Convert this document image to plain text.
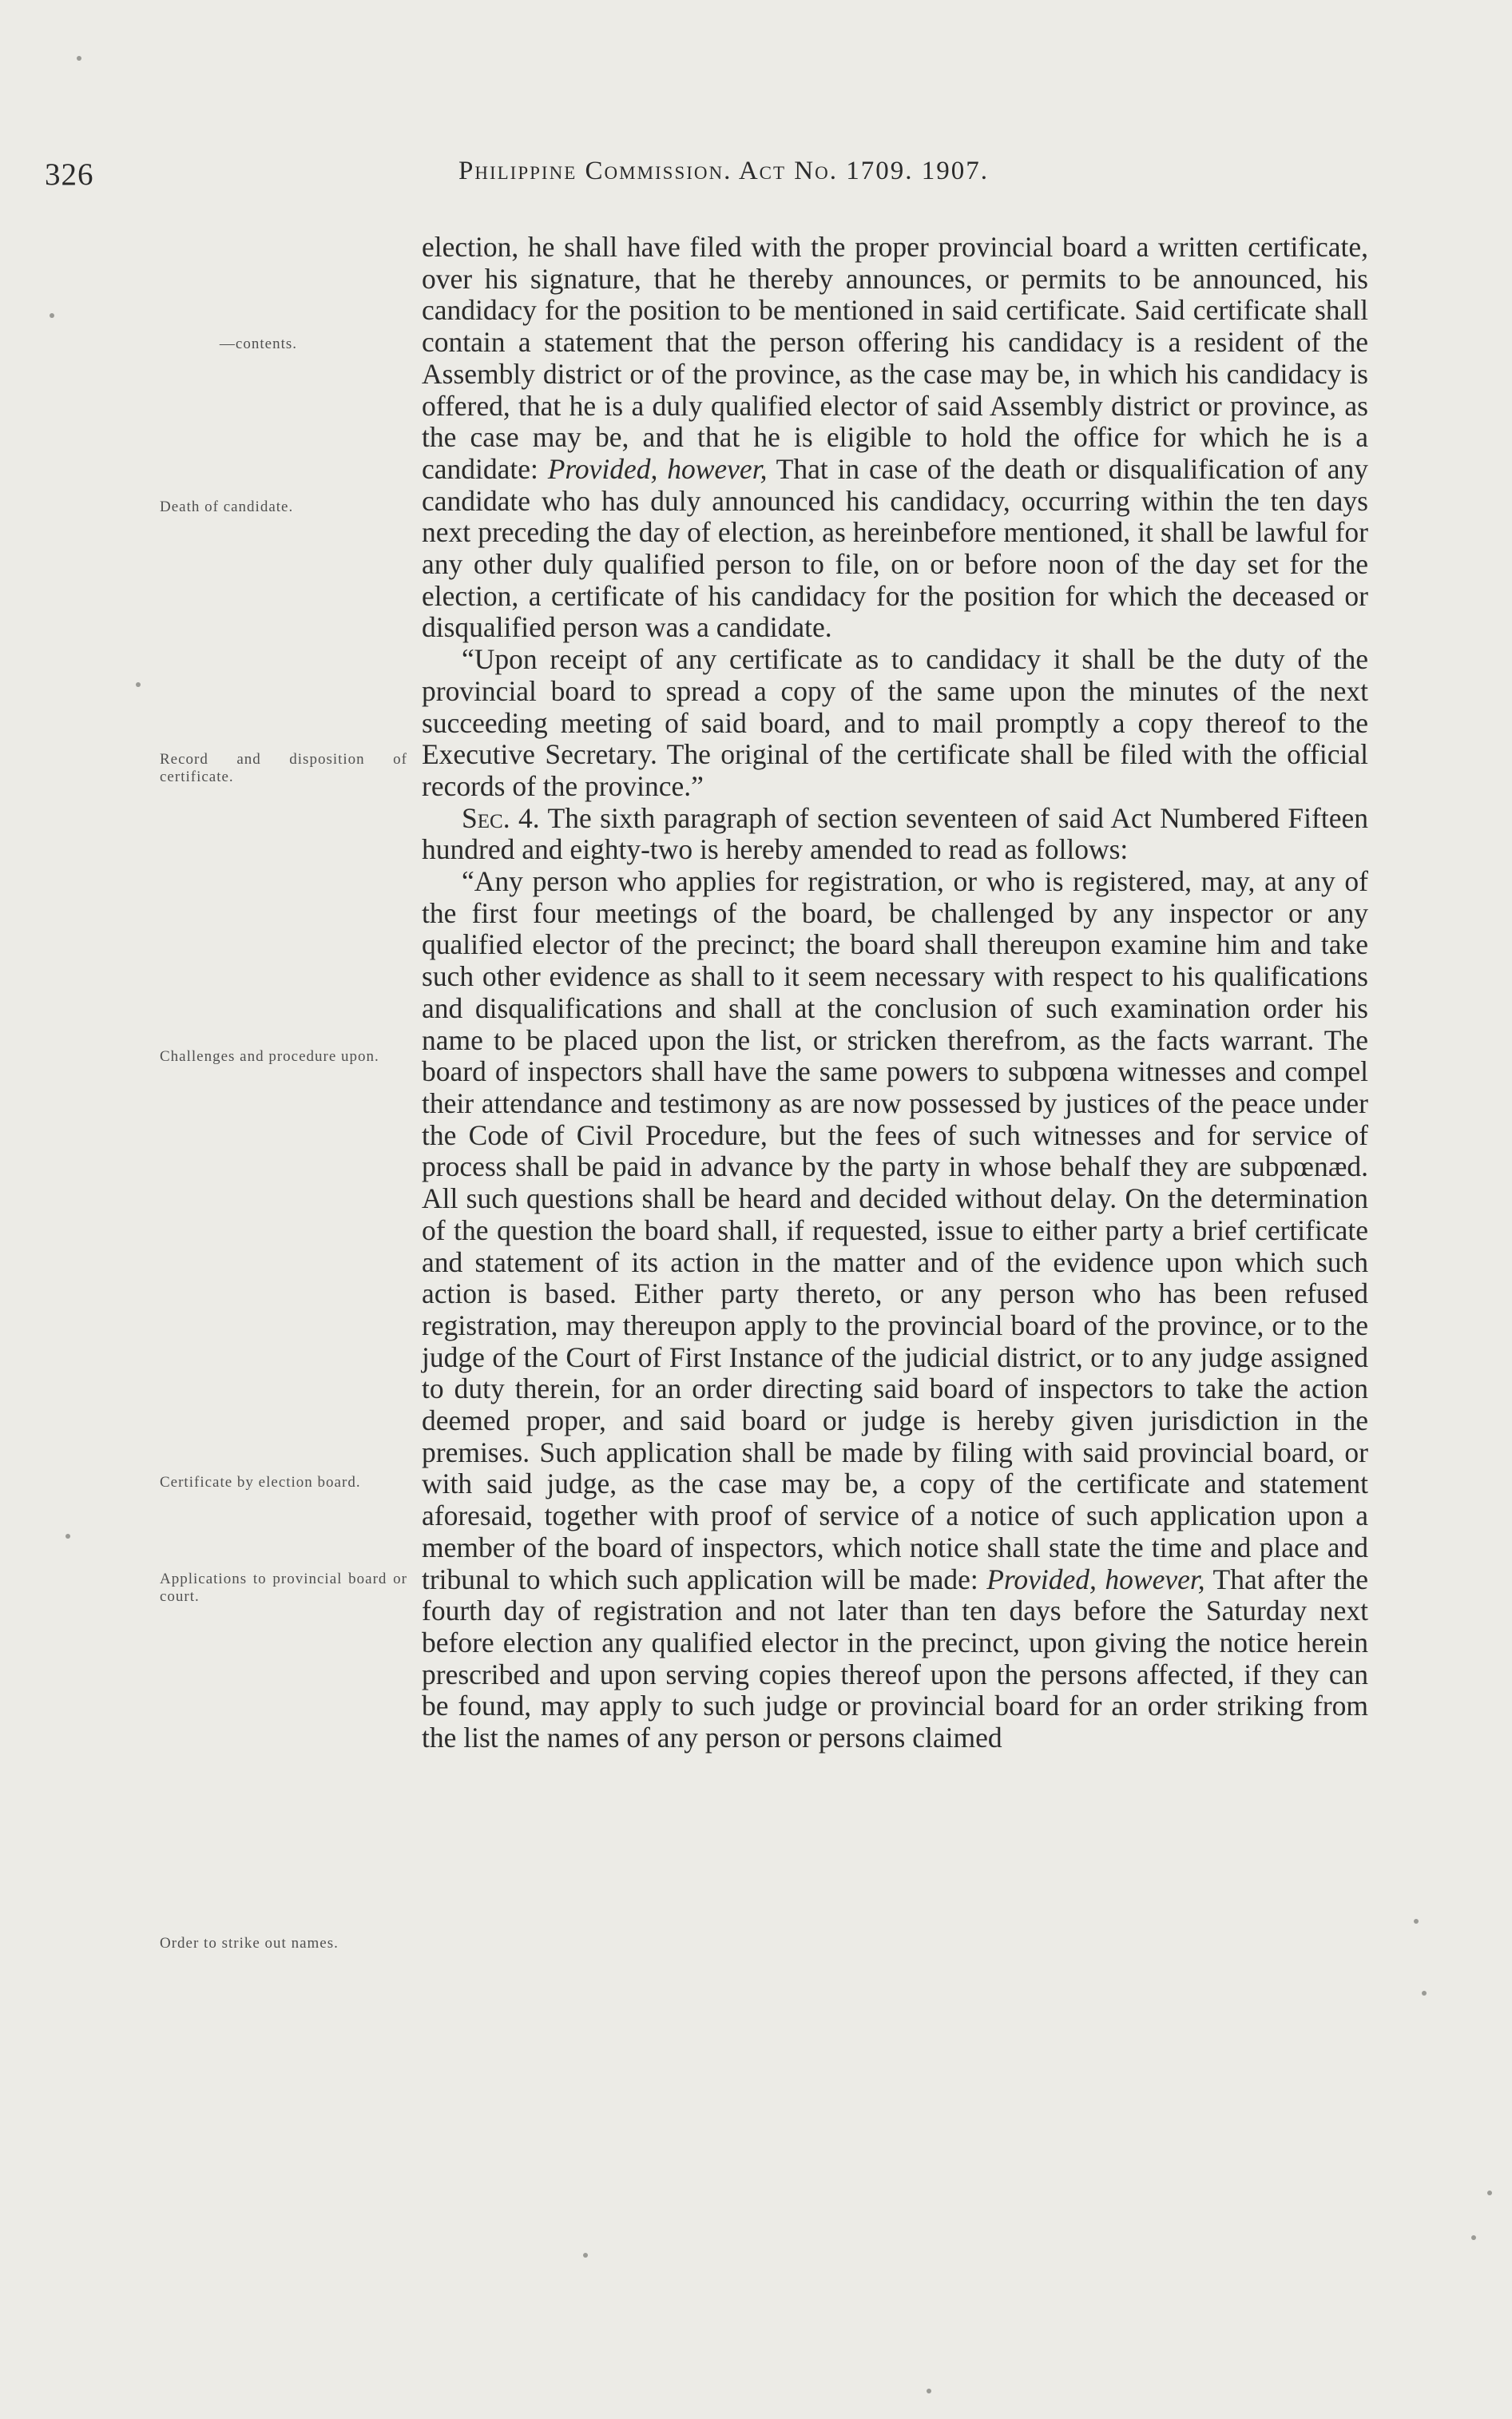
326	Philippine Commission. Act No. 1709. 1907.
—contents.
Death of candidate.
Record and disposition of certificate.
Challenges and procedure upon.
Certificate by election board.
Applications to provincial board or court.
Order to strike out names.

election, he shall have filed with the proper provincial board a written certificate, over his signature, that he thereby announces, or permits to be announced, his candidacy for the position to be mentioned in said certificate. Said certificate shall contain a statement that the person offering his candidacy is a resident of the Assembly district or of the province, as the case may be, in which his candidacy is offered, that he is a duly qualified elector of said Assembly district or province, as the case may be, and that he is eligible to hold the office for which he is a candidate: Provided, however, That in case of the death or disqualification of any candidate who has duly announced his candidacy, occurring within the ten days next preceding the day of election, as hereinbefore mentioned, it shall be lawful for any other duly qualified person to file, on or before noon of the day set for the election, a certificate of his candidacy for the position for which the deceased or disqualified person was a candidate.

“Upon receipt of any certificate as to candidacy it shall be the duty of the provincial board to spread a copy of the same upon the minutes of the next succeeding meeting of said board, and to mail promptly a copy thereof to the Executive Secretary. The original of the certificate shall be filed with the official records of the province.”

Sec. 4. The sixth paragraph of section seventeen of said Act Numbered Fifteen hundred and eighty-two is hereby amended to read as follows:

“Any person who applies for registration, or who is registered, may, at any of the first four meetings of the board, be challenged by any inspector or any qualified elector of the precinct; the board shall thereupon examine him and take such other evidence as shall to it seem necessary with respect to his qualifications and disqualifications and shall at the conclusion of such examination order his name to be placed upon the list, or stricken therefrom, as the facts warrant. The board of inspectors shall have the same powers to subpœna witnesses and compel their attendance and testimony as are now possessed by justices of the peace under the Code of Civil Procedure, but the fees of such witnesses and for service of process shall be paid in advance by the party in whose behalf they are subpœnæd. All such questions shall be heard and decided without delay. On the determination of the question the board shall, if requested, issue to either party a brief certificate and statement of its action in the matter and of the evidence upon which such action is based. Either party thereto, or any person who has been refused registration, may thereupon apply to the provincial board of the province, or to the judge of the Court of First Instance of the judicial district, or to any judge assigned to duty therein, for an order directing said board of inspectors to take the action deemed proper, and said board or judge is hereby given jurisdiction in the premises. Such application shall be made by filing with said provincial board, or with said judge, as the case may be, a copy of the certificate and statement aforesaid, together with proof of service of a notice of such application upon a member of the board of inspectors, which notice shall state the time and place and tribunal to which such application will be made: Provided, however, That after the fourth day of registration and not later than ten days before the Saturday next before election any qualified elector in the precinct, upon giving the notice herein prescribed and upon serving copies thereof upon the persons affected, if they can be found, may apply to such judge or provincial board for an order striking from the list the names of any person or persons claimed
